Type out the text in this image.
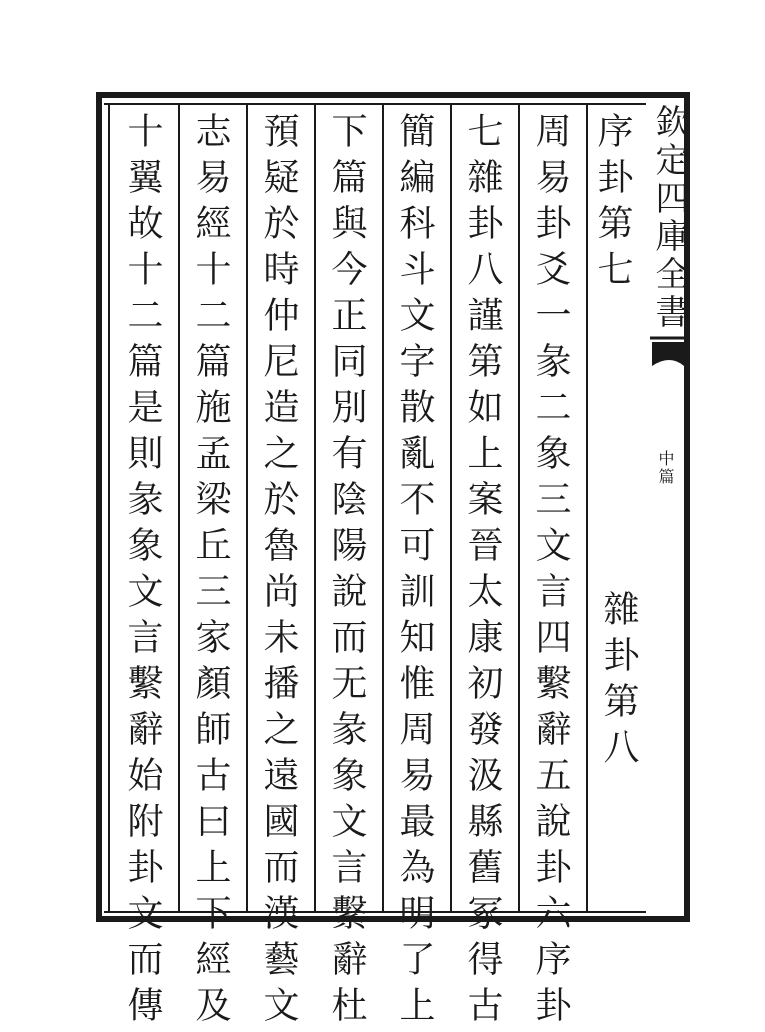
序卦第七
雜卦第八
周易卦爻一彖二象三文言四繫辭五說卦六序卦
七雜卦八謹第如上案晉太康初發汲縣舊冢得古
簡編科斗文字散亂不可訓知惟周易最為明了上
下篇與今正同別有陰陽說而无彖象文言繫辭杜
預疑於時仲尼造之於魯尚未播之遠國而漢藝文
志易經十二篇施孟梁丘三家顏師古曰上下經及
十翼故十二篇是則彖象文言繫辭始附卦文而傳	欽定四庫全書
中篇
